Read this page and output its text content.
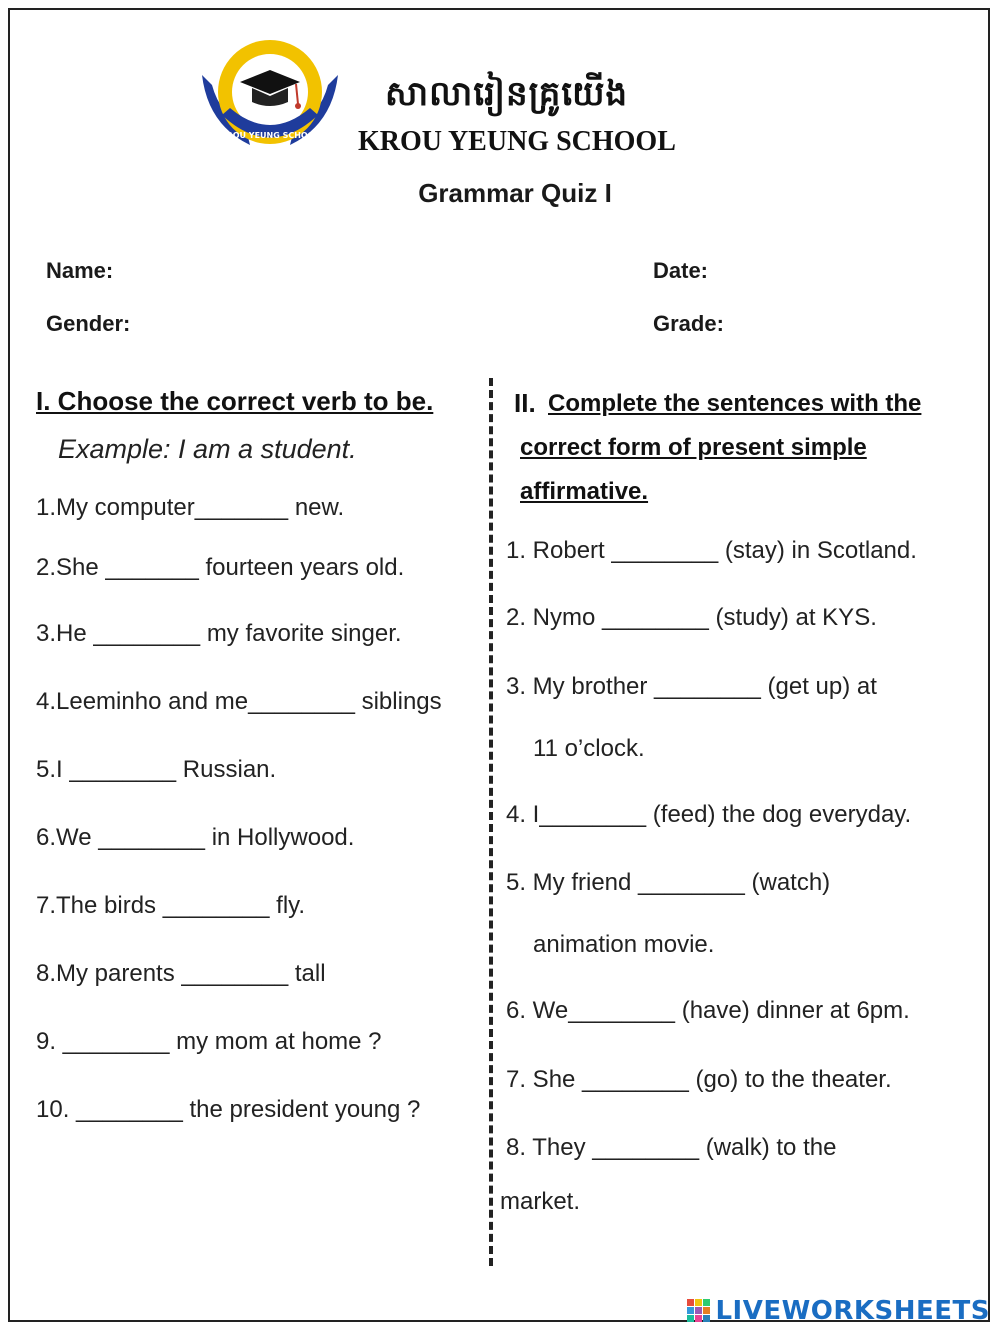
KROU YEUNG SCHOOL
សាលារៀនគ្រូយើង
KROU YEUNG SCHOOL
Grammar Quiz I
Name:	Date:
Gender:	Grade:
I. Choose the correct verb to be.
Example: I am a student.
1.My computer_______ new.
2.She _______ fourteen years old.
3.He ________ my favorite singer.
4.Leeminho and me________ siblings
5.I ________ Russian.
6.We ________ in Hollywood.
7.The birds ________ fly.
8.My parents ________ tall
9. ________ my mom at home ?
10. ________ the president young ?
II. Complete the sentences with the
correct form of present simple
affirmative.
1. Robert ________ (stay) in Scotland.
2. Nymo ________ (study) at KYS.
3. My brother ________ (get up) at
11 o’clock.
4. I________ (feed) the dog everyday.
5. My friend ________ (watch)
animation movie.
6. We________ (have) dinner at 6pm.
7. She ________ (go) to the theater.
8. They ________ (walk) to the
market.
LIVEWORKSHEETS
